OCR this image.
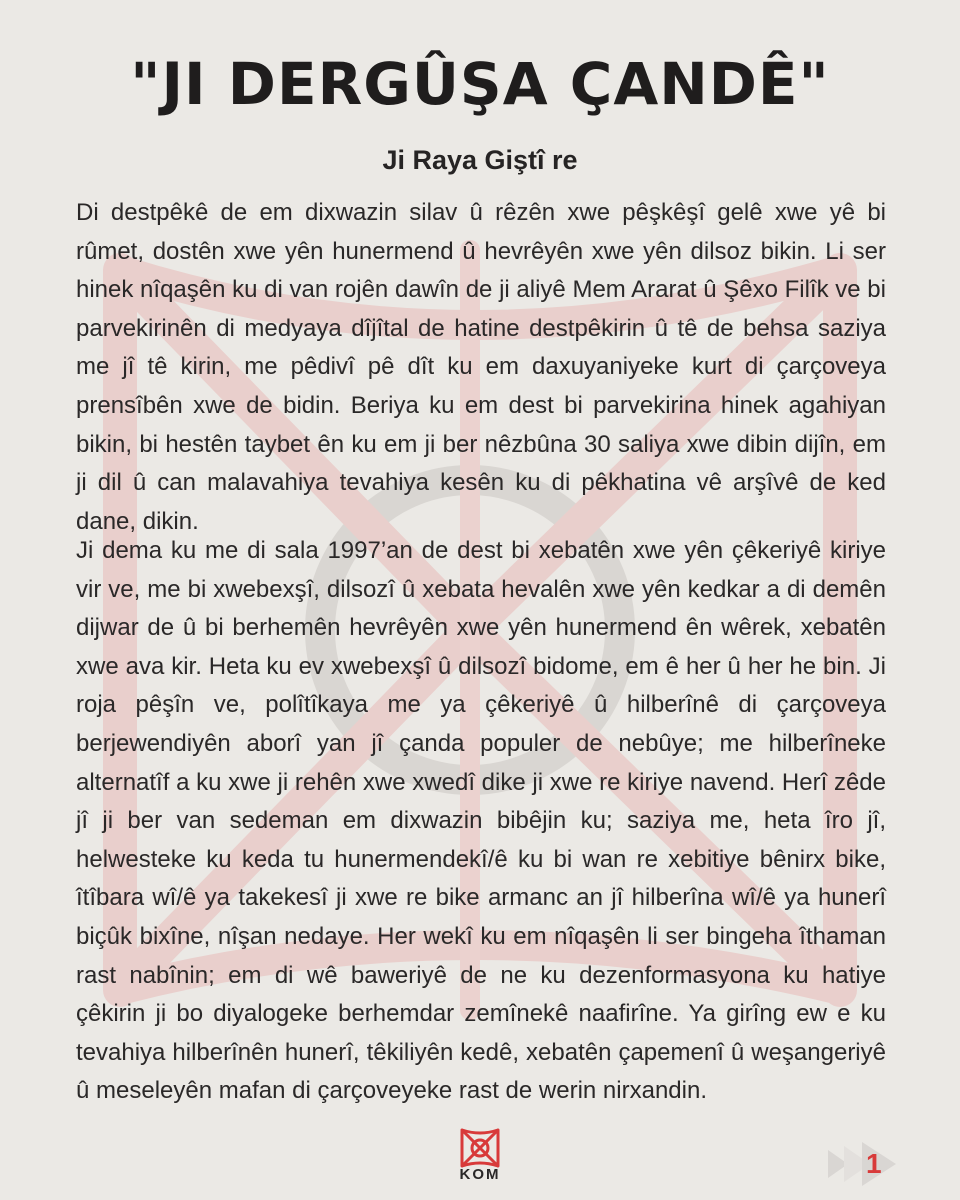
"JI DERGÛŞA ÇANDÊ"
Ji Raya Giştî re

Di destpêkê de em dixwazin silav û rêzên xwe pêşkêşî gelê xwe yê bi rûmet, dostên xwe yên hunermend û hevrêyên xwe yên dilsoz bikin. Li ser hinek nîqaşên ku di van rojên dawîn de ji aliyê Mem Ararat û Şêxo Filîk ve bi parvekirinên di medyaya dîjîtal de hatine destpêkirin û tê de behsa saziya me jî tê kirin, me pêdivî pê dît ku em daxuyaniyeke kurt di çarçoveya prensîbên xwe de bidin. Beriya ku em dest bi parvekirina hinek agahiyan bikin, bi hestên taybet ên ku em ji ber nêzbûna 30 saliya xwe dibin dijîn, em ji dil û can malavahiya tevahiya kesên ku di pêkhatina vê arşîvê de ked dane, dikin.

Ji dema ku me di sala 1997’an de dest bi xebatên xwe yên çêkeriyê kiriye vir ve, me bi xwebexşî, dilsozî û xebata hevalên xwe yên kedkar a di demên dijwar de û bi berhemên hevrêyên xwe yên hunermend ên wêrek, xebatên xwe ava kir. Heta ku ev xwebexşî û dilsozî bidome, em ê her û her he bin. Ji roja pêşîn ve, polîtîkaya me ya çêkeriyê û hilberînê di çarçoveya berjewendiyên aborî yan jî çanda populer de nebûye; me hilberîneke alternatîf a ku xwe ji rehên xwe xwedî dike ji xwe re kiriye navend. Herî zêde jî ji ber van sedeman em dixwazin bibêjin ku; saziya me, heta îro jî, helwesteke ku keda tu hunermendekî/ê ku bi wan re xebitiye bênirx bike, îtîbara wî/ê ya takekesî ji xwe re bike armanc an jî hilberîna wî/ê ya hunerî biçûk bixîne, nîşan nedaye. Her wekî ku em nîqaşên li ser bingeha îthaman rast nabînin; em di wê baweriyê de ne ku dezenformasyona ku hatiye çêkirin ji bo diyalogeke berhemdar zemînekê naafirîne. Ya girîng ew e ku tevahiya hilberînên hunerî, têkiliyên kedê, xebatên çapemenî û weşangeriyê û meseleyên mafan di çarçoveyeke rast de werin nirxandin.

KOM	1
